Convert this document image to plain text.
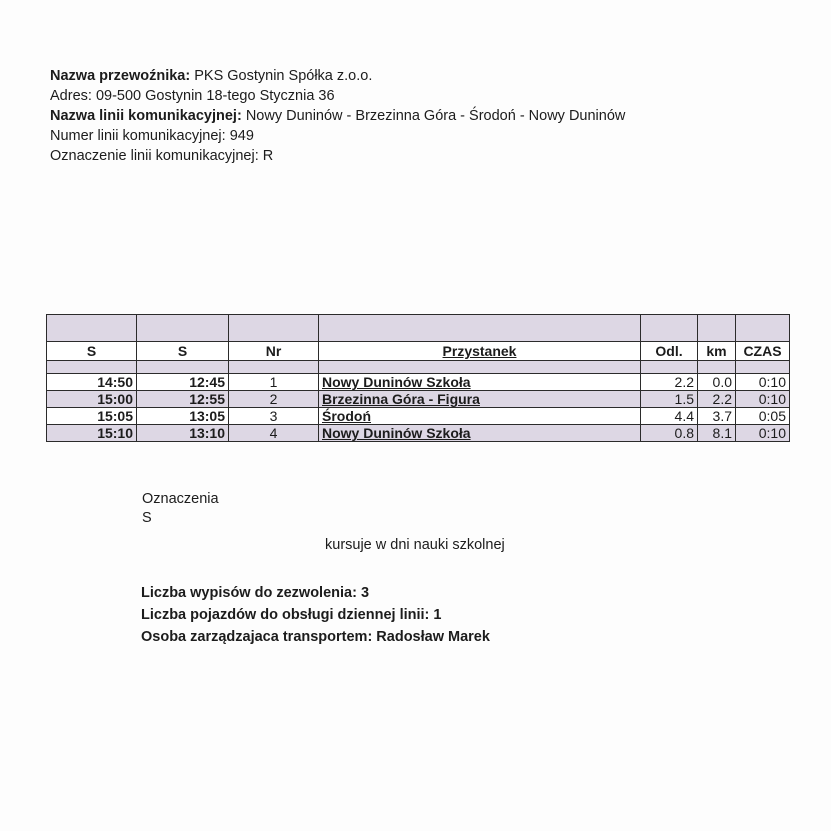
Nazwa przewoźnika: PKS Gostynin Spółka z.o.o.
Adres: 09-500 Gostynin 18-tego Stycznia 36
Nazwa linii komunikacyjnej: Nowy Duninów - Brzezinna Góra - Środoń - Nowy Duninów
Numer linii komunikacyjnej: 949
Oznaczenie linii komunikacyjnej: R

S	S	Nr	Przystanek	Odl.	km	CZAS

14:50	12:45	1	Nowy Duninów Szkoła	2.2	0.0	0:10
15:00	12:55	2	Brzezinna Góra - Figura	1.5	2.2	0:10
15:05	13:05	3	Środoń	4.4	3.7	0:05
15:10	13:10	4	Nowy Duninów Szkoła	0.8	8.1	0:10
Oznaczenia
S
kursuje w dni nauki szkolnej
Liczba wypisów do zezwolenia: 3
Liczba pojazdów do obsługi dziennej linii: 1
Osoba zarządzajaca transportem: Radosław Marek
